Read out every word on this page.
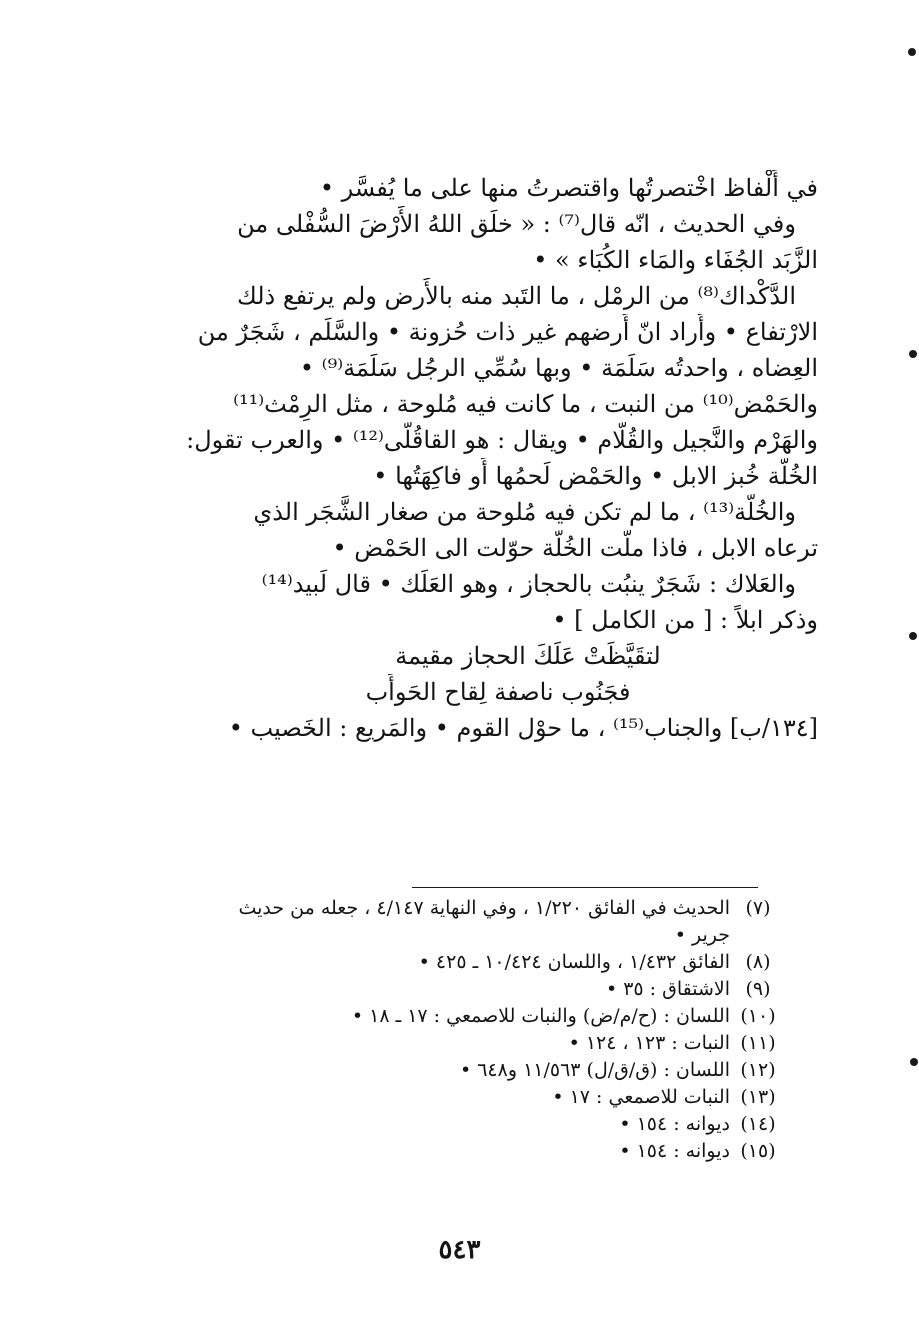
في أَلْفاظ اخْتصرتُها واقتصرتُ منها على ما يُفسَّر •
وفي الحديث ، انّه قال⁽⁷⁾ : « خلَق اللهُ الأَرْضَ السُّفْلى من
الزَّبَد الجُفَاء والمَاء الكُبَاء » •
الدَّكْداك⁽⁸⁾ من الرمْل ، ما التَبد منه بالأَرض ولم يرتفع ذلك
الارْتفاع • وأَراد انّ أَرضهم غير ذات حُزونة • والسَّلَم ، شَجَرٌ من
العِضاه ، واحدتُه سَلَمَة • وبها سُمِّي الرجُل سَلَمَة⁽⁹⁾ •
والحَمْض⁽¹⁰⁾ من النبت ، ما كانت فيه مُلوحة ، مثل الرِمْث⁽¹¹⁾
والهَرْم والنَّجيل والقُلّام • ويقال : هو القاقُلّى⁽¹²⁾ • والعرب تقول:
الخُلّة خُبز الابل • والحَمْض لَحمُها أَو فاكِهَتُها •
والخُلّة⁽¹³⁾ ، ما لم تكن فيه مُلوحة من صغار الشَّجَر الذي
ترعاه الابل ، فاذا ملّت الخُلّة حوّلت الى الحَمْض •
والعَلاك : شَجَرٌ ينبُت بالحجاز ، وهو العَلَك • قال لَبيد⁽¹⁴⁾
وذكر ابلاً : [ من الكامل ] •
لتقَيَّظَتْ عَلَكَ الحجاز مقيمة
فجَنُوب ناصفة لِقاح الحَوأَب
[١٣٤/ب] والجناب⁽¹⁵⁾ ، ما حوْل القوم • والمَريع : الخَصيب •
(٧)
الحديث في الفائق ١/٢٢٠ ، وفي النهاية ٤/١٤٧ ، جعله من حديث
جرير •
(٨)
الفائق ١/٤٣٢ ، واللسان ١٠/٤٢٤ ـ ٤٢٥ •
(٩)
الاشتقاق : ٣٥ •
(١٠)
اللسان : (ح/م/ض) والنبات للاصمعي : ١٧ ـ ١٨ •
(١١)
النبات : ١٢٣ ، ١٢٤ •
(١٢)
اللسان : (ق/ق/ل) ١١/٥٦٣ و٦٤٨ •
(١٣)
النبات للاصمعي : ١٧ •
(١٤)
ديوانه : ١٥٤ •
(١٥)
ديوانه : ١٥٤ •
٥٤٣
